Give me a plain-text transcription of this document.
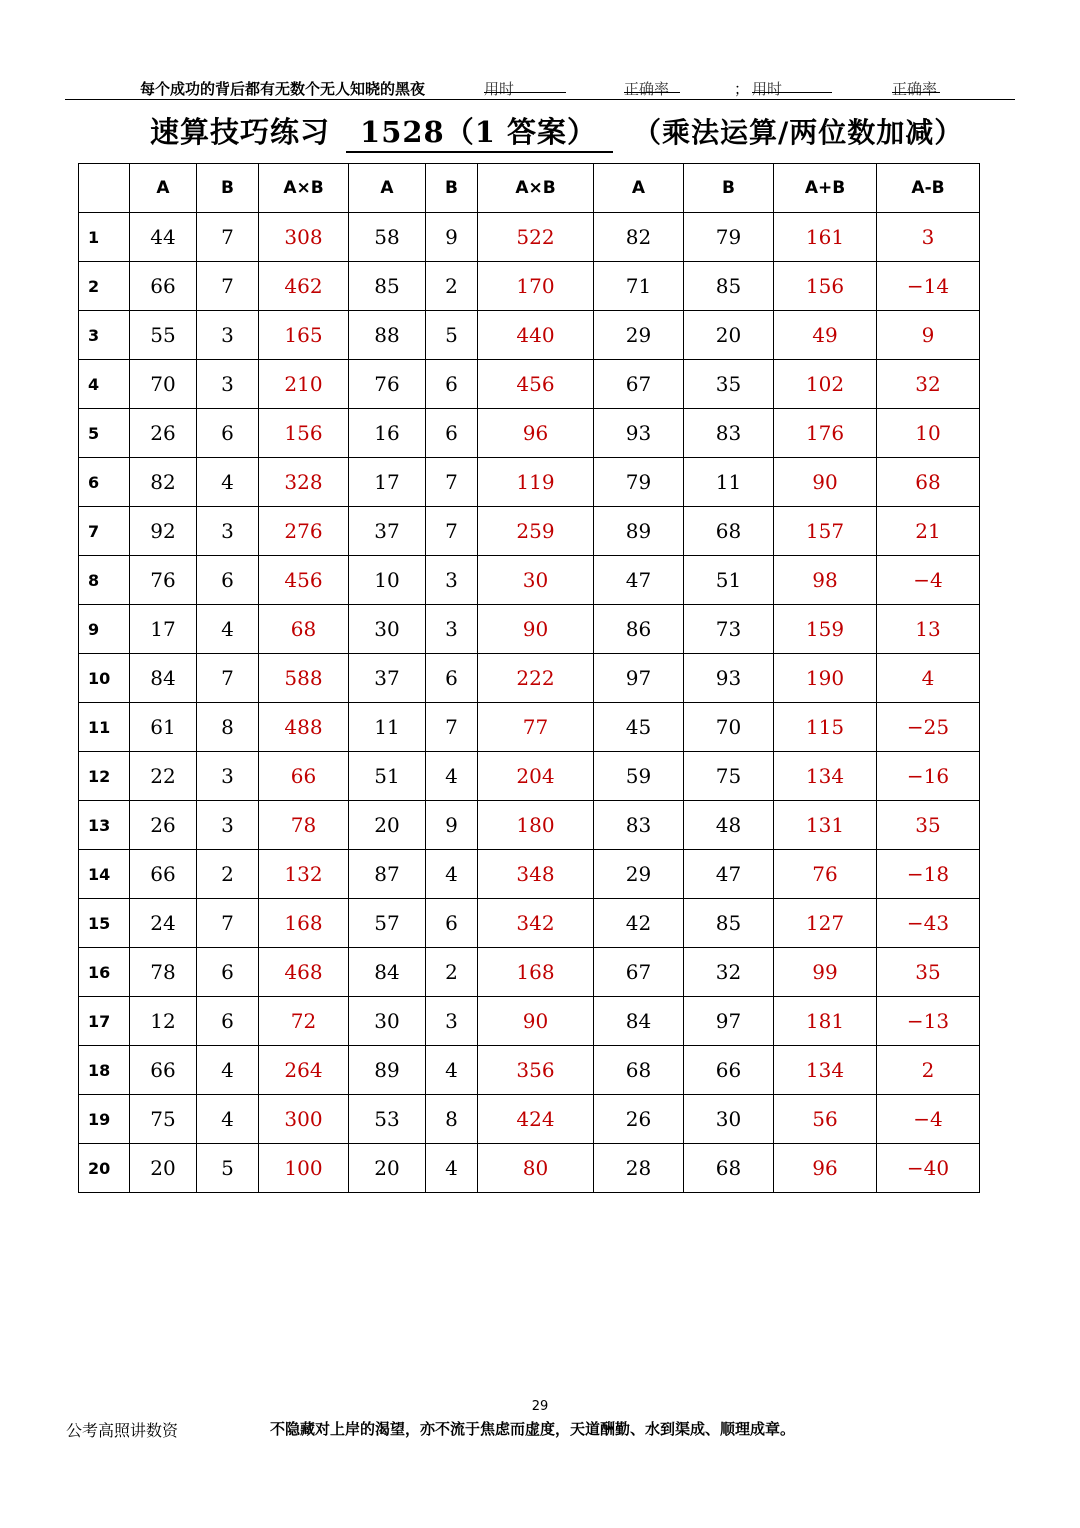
每个成功的背后都有无数个无人知晓的黑夜	用时	正确率	； 用时	正确率
速算技巧练习 1528（1 答案） （乘法运算/两位数加减）
	A	B	A×B	A	B	A×B	A	B	A+B	A-B
1	44	7	308	58	9	522	82	79	161	3
2	66	7	462	85	2	170	71	85	156	−14
3	55	3	165	88	5	440	29	20	49	9
4	70	3	210	76	6	456	67	35	102	32
5	26	6	156	16	6	96	93	83	176	10
6	82	4	328	17	7	119	79	11	90	68
7	92	3	276	37	7	259	89	68	157	21
8	76	6	456	10	3	30	47	51	98	−4
9	17	4	68	30	3	90	86	73	159	13
10	84	7	588	37	6	222	97	93	190	4
11	61	8	488	11	7	77	45	70	115	−25
12	22	3	66	51	4	204	59	75	134	−16
13	26	3	78	20	9	180	83	48	131	35
14	66	2	132	87	4	348	29	47	76	−18
15	24	7	168	57	6	342	42	85	127	−43
16	78	6	468	84	2	168	67	32	99	35
17	12	6	72	30	3	90	84	97	181	−13
18	66	4	264	89	4	356	68	66	134	2
19	75	4	300	53	8	424	26	30	56	−4
20	20	5	100	20	4	80	28	68	96	−40
29
公考高照讲数资	不隐藏对上岸的渴望，亦不流于焦虑而虚度，天道酬勤、水到渠成、顺理成章。
